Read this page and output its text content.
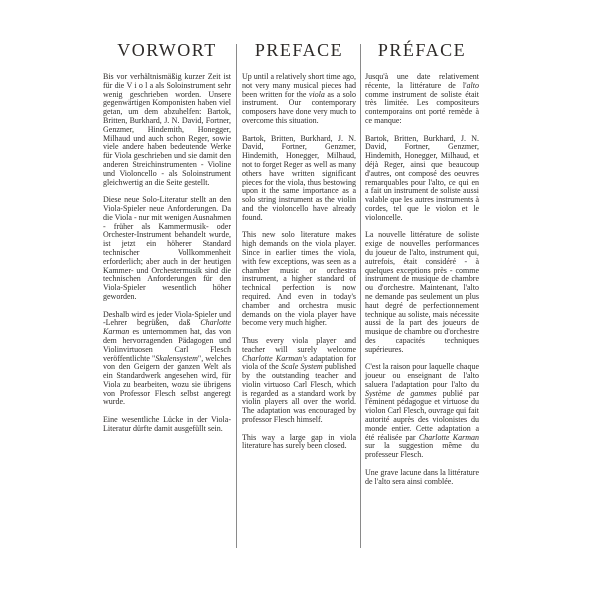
VORWORT

Bis vor verhältnismäßig kurzer Zeit ist für die V i o l a als Soloinstrument sehr wenig geschrieben worden. Unsere gegenwärtigen Komponisten haben viel getan, um dem abzuhelfen: Bartok, Britten, Burkhard, J. N. David, Fortner, Genzmer, Hindemith, Honegger, Milhaud und auch schon Reger, sowie viele andere haben bedeutende Werke für Viola geschrieben und sie damit den anderen Streichinstrumenten - Violine und Violoncello - als Soloinstrument gleichwertig an die Seite gestellt.

Diese neue Solo-Literatur stellt an den Viola-Spieler neue Anforderungen. Da die Viola - nur mit wenigen Ausnahmen - früher als Kammermusik- oder Orchester-Instrument behandelt wurde, ist jetzt ein höherer Standard technischer Vollkommenheit erforderlich; aber auch in der heutigen Kammer- und Orchestermusik sind die technischen Anforderungen für den Viola-Spieler wesentlich höher geworden.

Deshalb wird es jeder Viola-Spieler und -Lehrer begrüßen, daß Charlotte Karman es unternommen hat, das von dem hervorragenden Pädagogen und Violinvirtuosen Carl Flesch veröffentlichte "Skalensystem", welches von den Geigern der ganzen Welt als ein Standardwerk angesehen wird, für Viola zu bearbeiten, wozu sie übrigens von Professor Flesch selbst angeregt wurde.

Eine wesentliche Lücke in der Viola-Literatur dürfte damit ausgefüllt sein.

PREFACE

Up until a relatively short time ago, not very many musical pieces had been written for the viola as a solo instrument. Our contemporary composers have done very much to overcome this situation.

Bartok, Britten, Burkhard, J. N. David, Fortner, Genzmer, Hindemith, Honegger, Milhaud, not to forget Reger as well as many others have written significant pieces for the viola, thus bestowing upon it the same importance as a solo string instrument as the violin and the violoncello have already found.

This new solo literature makes high demands on the viola player. Since in earlier times the viola, with few exceptions, was seen as a chamber music or orchestra instrument, a higher standard of technical perfection is now required. And even in today's chamber and orchestra music demands on the viola player have become very much higher.

Thus every viola player and teacher will surely welcome Charlotte Karman's adaptation for viola of the Scale System published by the outstanding teacher and violin virtuoso Carl Flesch, which is regarded as a standard work by violin players all over the world. The adaptation was encouraged by professor Flesch himself.

This way a large gap in viola literature has surely been closed.

PRÉFACE

Jusqu'à une date relativement récente, la littérature de l'alto comme instrument de soliste était très limitée. Les compositeurs contemporains ont porté remède à ce manque:

Bartok, Britten, Burkhard, J. N. David, Fortner, Genzmer, Hindemith, Honegger, Milhaud, et déjà Reger, ainsi que beaucoup d'autres, ont composé des oeuvres remarquables pour l'alto, ce qui en a fait un instrument de soliste aussi valable que les autres instruments à cordes, tel que le violon et le violoncelle.

La nouvelle littérature de soliste exige de nouvelles performances du joueur de l'alto, instrument qui, autrefois, était considéré - à quelques exceptions près - comme instrument de musique de chambre ou d'orchestre. Maintenant, l'alto ne demande pas seulement un plus haut degré de perfectionnement technique au soliste, mais nécessite aussi de la part des joueurs de musique de chambre ou d'orchestre des capacités techniques supérieures.

C'est la raison pour laquelle chaque joueur ou enseignant de l'alto saluera l'adaptation pour l'alto du Système de gammes publié par l'éminent pédagogue et virtuose du violon Carl Flesch, ouvrage qui fait autorité auprès des violonistes du monde entier. Cette adaptation a été réalisée par Charlotte Karman sur la suggestion même du professeur Flesch.

Une grave lacune dans la littérature de l'alto sera ainsi comblée.
